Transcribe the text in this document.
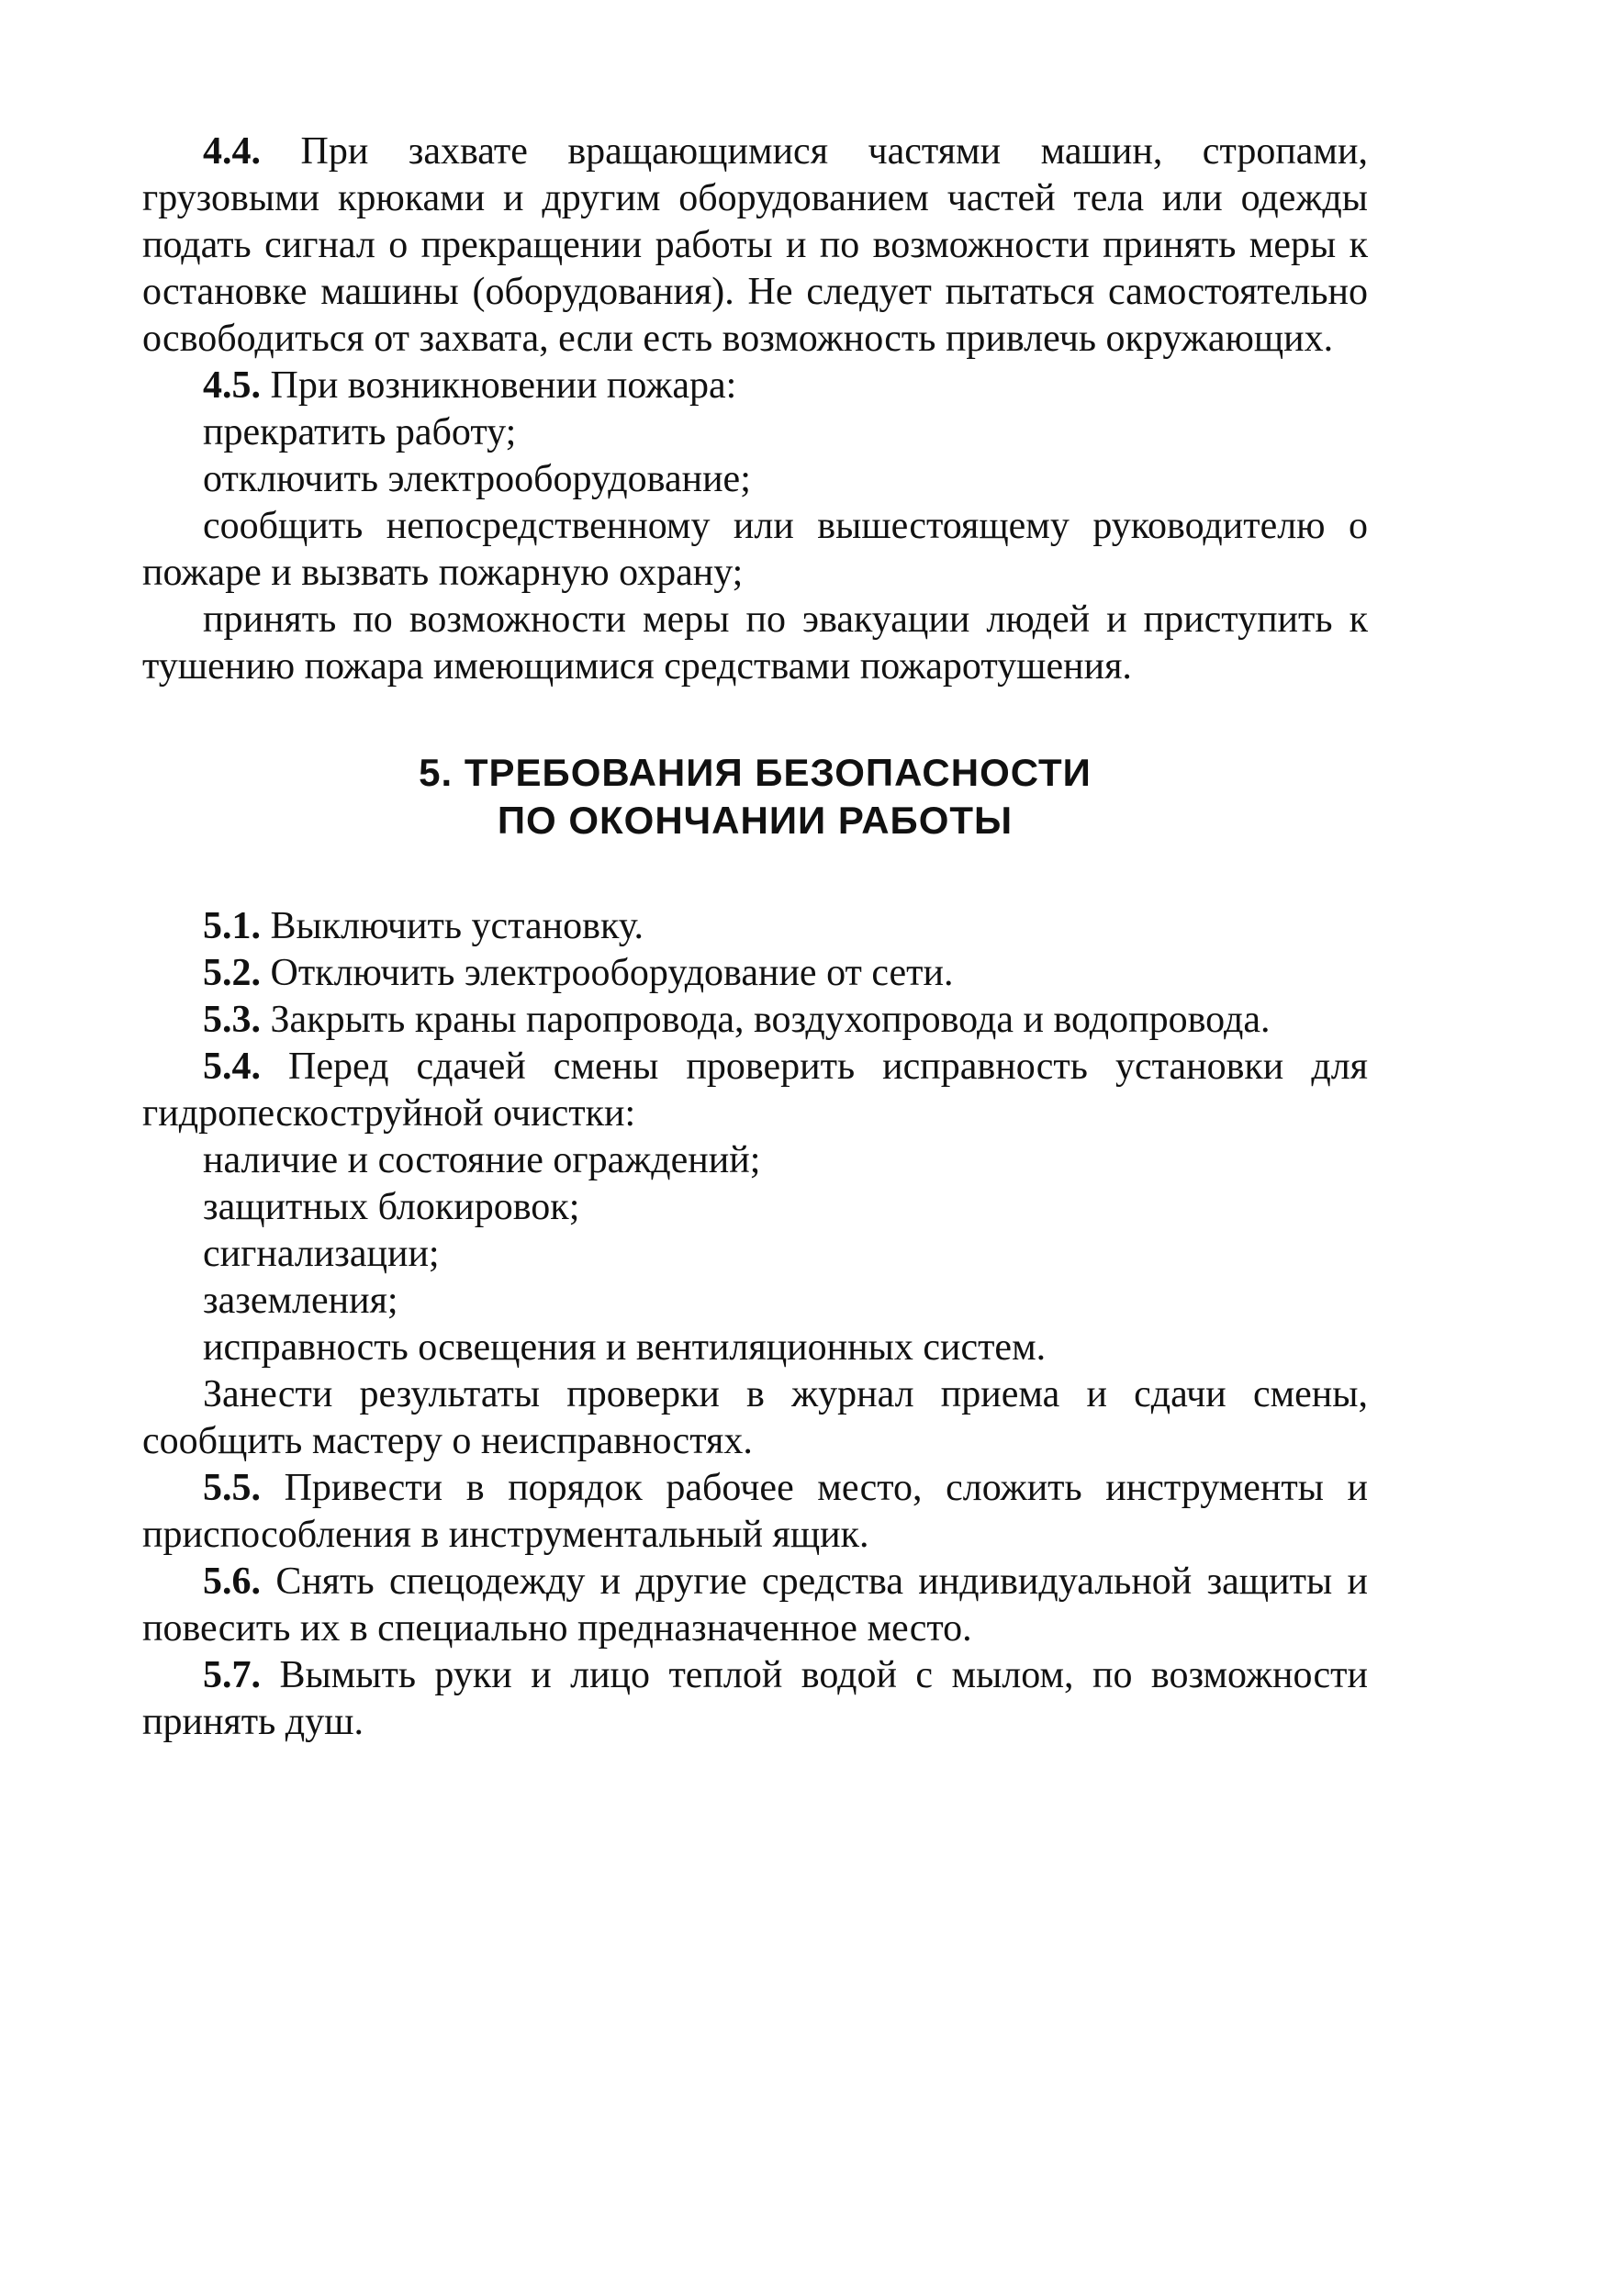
4.4. При захвате вращающимися частями машин, стропами, грузовыми крюками и другим оборудованием частей тела или одежды подать сигнал о прекращении работы и по возможности принять меры к остановке машины (оборудования). Не следует пытаться самостоятельно освободиться от захвата, если есть возможность привлечь окружающих.

4.5. При возникновении пожара:

прекратить работу;

отключить электрооборудование;

сообщить непосредственному или вышестоящему руководителю о пожаре и вызвать пожарную охрану;

принять по возможности меры по эвакуации людей и приступить к тушению пожара имеющимися средствами пожаротушения.

5. ТРЕБОВАНИЯ БЕЗОПАСНОСТИ
ПО ОКОНЧАНИИ РАБОТЫ

5.1. Выключить установку.

5.2. Отключить электрооборудование от сети.

5.3. Закрыть краны паропровода, воздухопровода и водопровода.

5.4. Перед сдачей смены проверить исправность установки для гидропескоструйной очистки:

наличие и состояние ограждений;

защитных блокировок;

сигнализации;

заземления;

исправность освещения и вентиляционных систем.

Занести результаты проверки в журнал приема и сдачи смены, сообщить мастеру о неисправностях.

5.5. Привести в порядок рабочее место, сложить инструменты и приспособления в инструментальный ящик.

5.6. Снять спецодежду и другие средства индивидуальной защиты и повесить их в специально предназначенное место.

5.7. Вымыть руки и лицо теплой водой с мылом, по возможности принять душ.
